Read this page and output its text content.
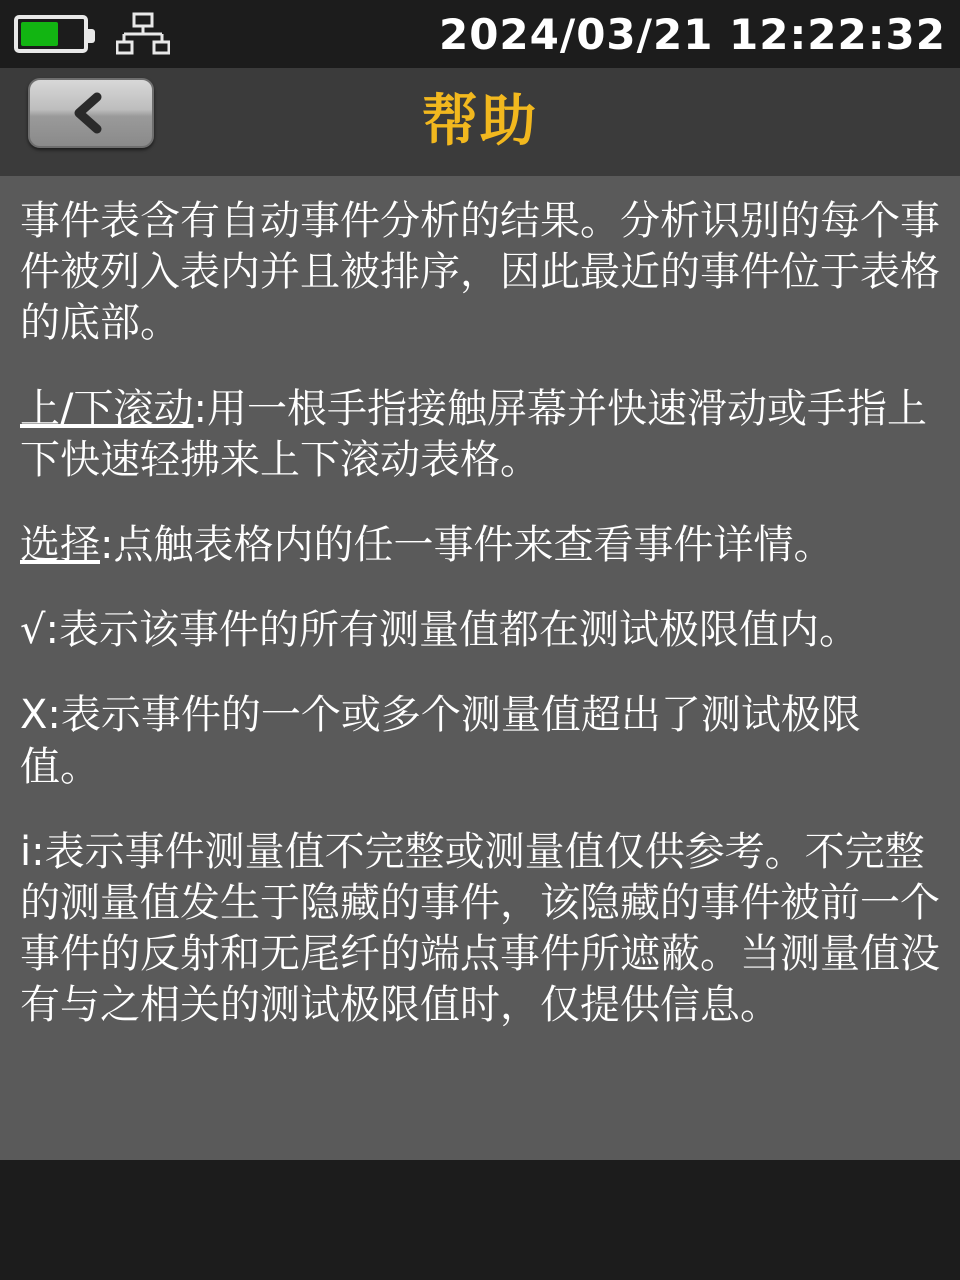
2024/03/21 12:22:32
帮助

事件表含有自动事件分析的结果。分析识别的每个事件被列入表内并且被排序，因此最近的事件位于表格的底部。

上/下滚动:用一根手指接触屏幕并快速滑动或手指上下快速轻拂来上下滚动表格。

选择:点触表格内的任一事件来查看事件详情。

√:表示该事件的所有测量值都在测试极限值内。

X:表示事件的一个或多个测量值超出了测试极限值。

i:表示事件测量值不完整或测量值仅供参考。不完整的测量值发生于隐藏的事件，该隐藏的事件被前一个事件的反射和无尾纤的端点事件所遮蔽。当测量值没有与之相关的测试极限值时，仅提供信息。
